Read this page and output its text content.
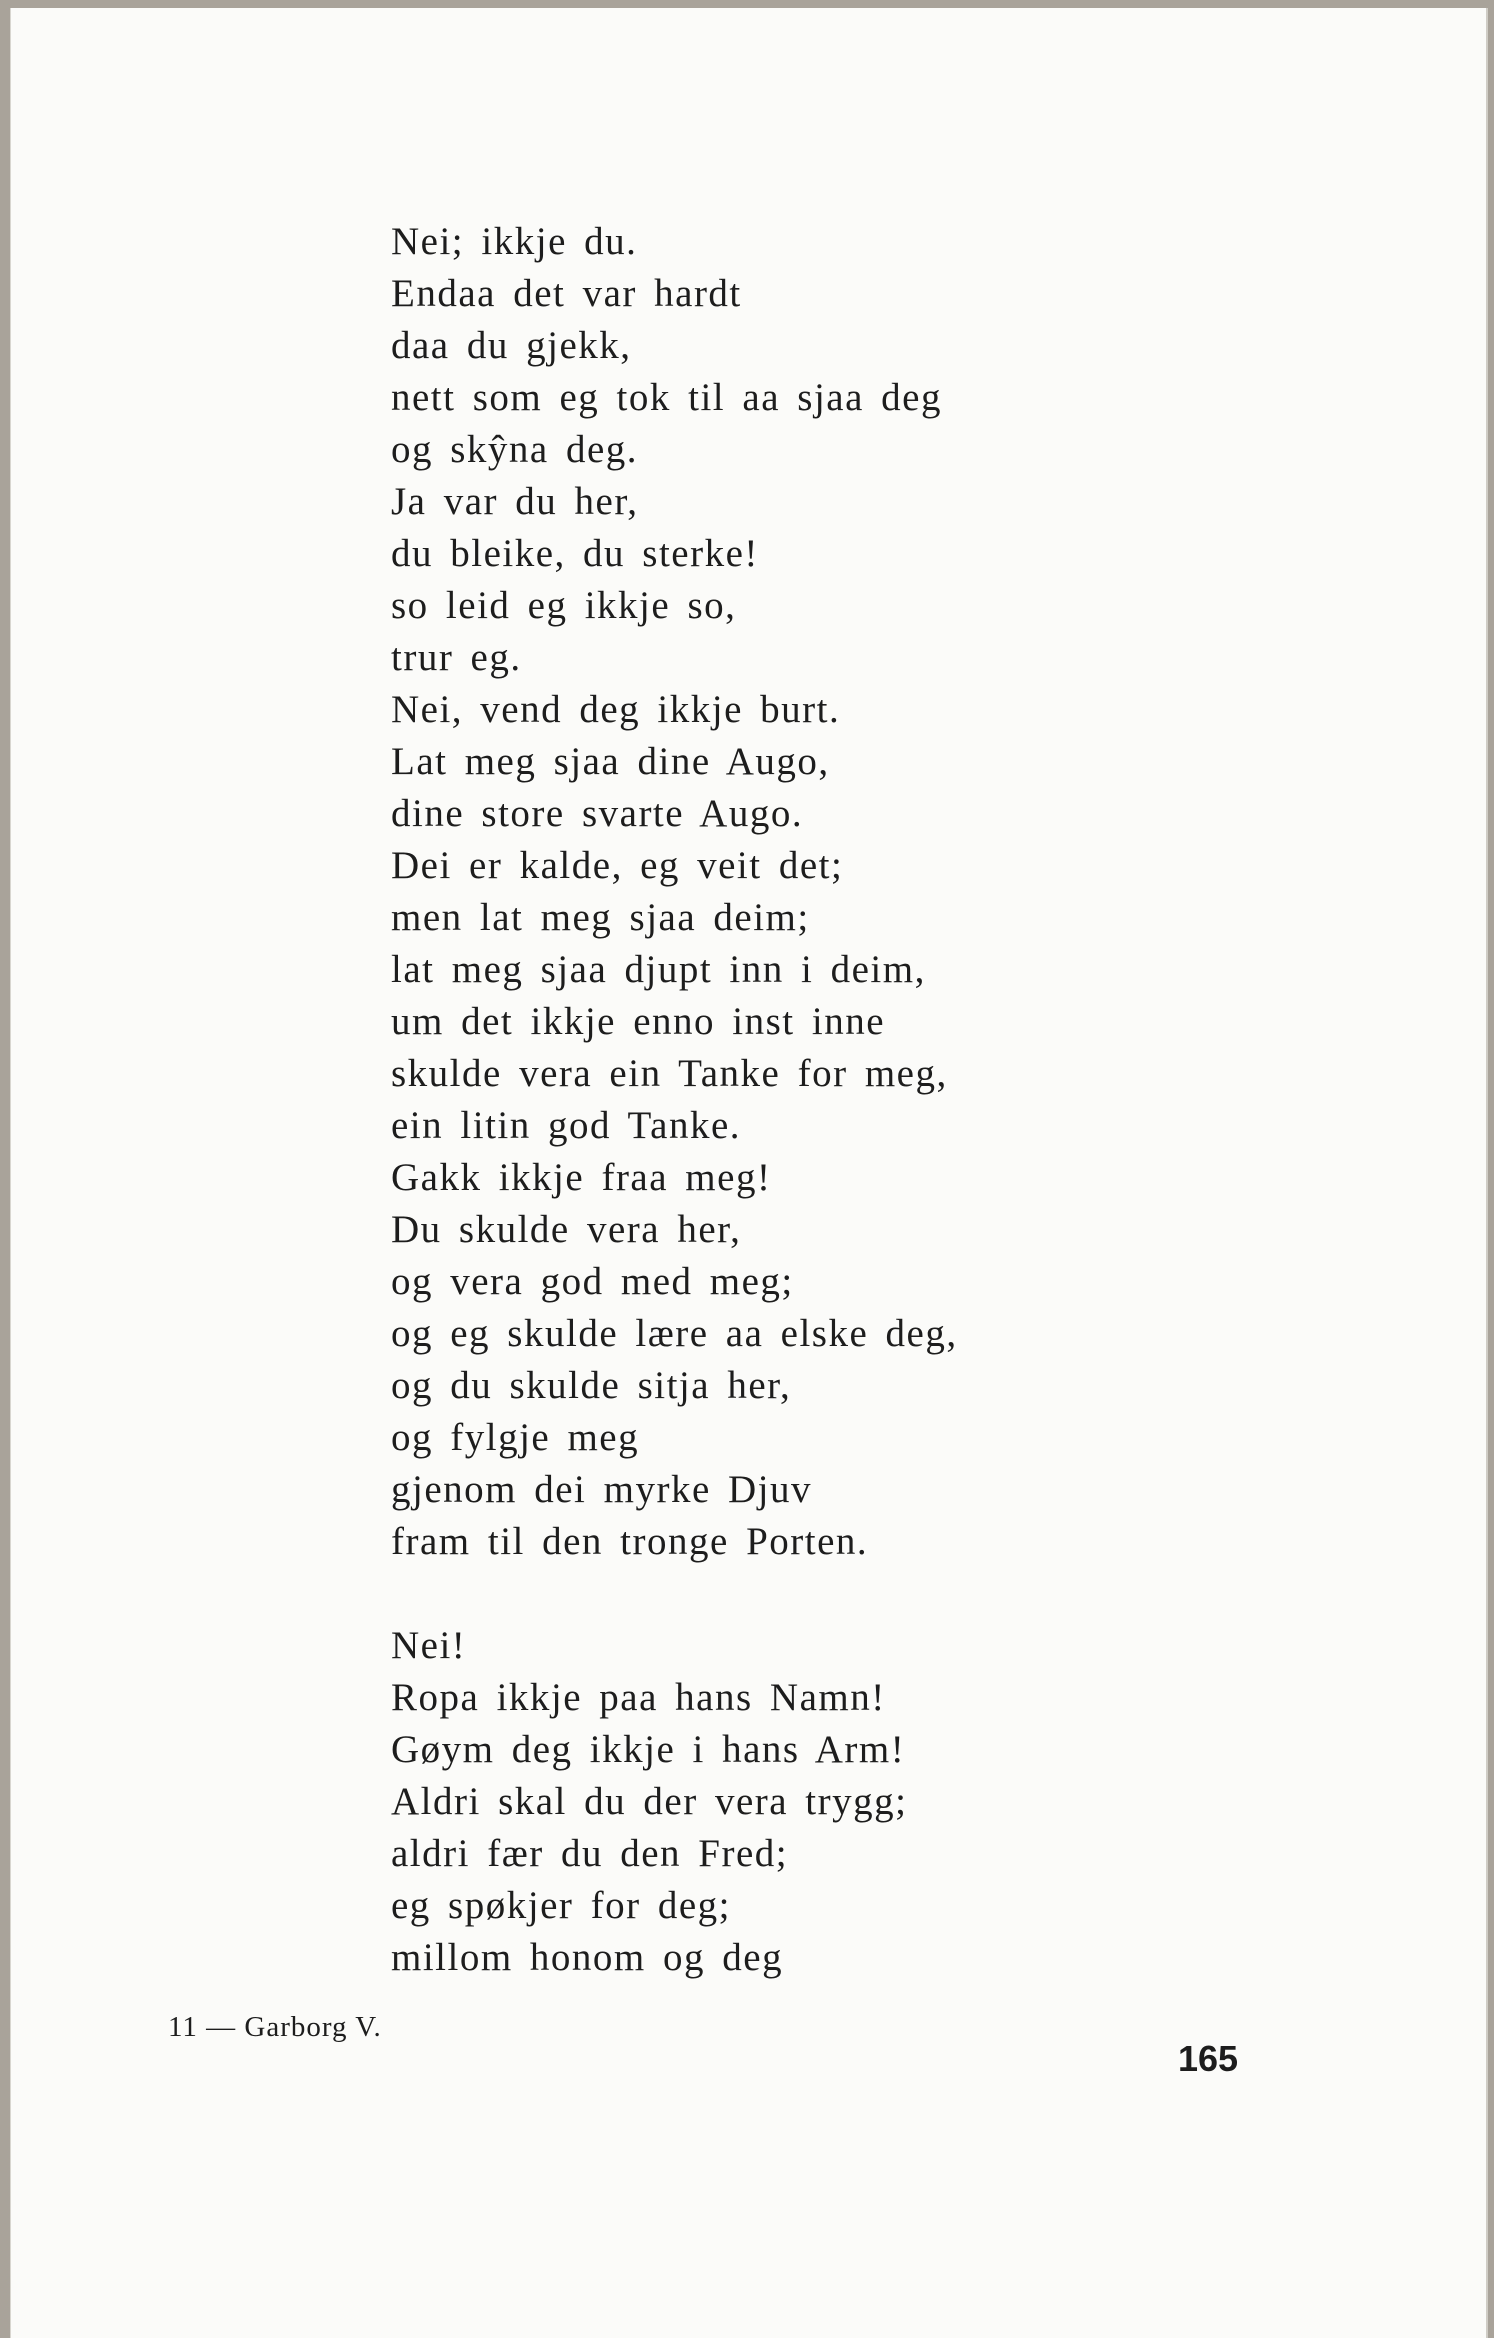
Nei; ikkje du.
Endaa det var hardt
daa du gjekk,
nett som eg tok til aa sjaa deg
og skŷna deg.
Ja var du her,
du bleike, du sterke!
so leid eg ikkje so,
trur eg.
Nei, vend deg ikkje burt.
Lat meg sjaa dine Augo,
dine store svarte Augo.
Dei er kalde, eg veit det;
men lat meg sjaa deim;
lat meg sjaa djupt inn i deim,
um det ikkje enno inst inne
skulde vera ein Tanke for meg,
ein litin god Tanke.
Gakk ikkje fraa meg!
Du skulde vera her,
og vera god med meg;
og eg skulde lære aa elske deg,
og du skulde sitja her,
og fylgje meg
gjenom dei myrke Djuv
fram til den tronge Porten.
Nei!
Ropa ikkje paa hans Namn!
Gøym deg ikkje i hans Arm!
Aldri skal du der vera trygg;
aldri fær du den Fred;
eg spøkjer for deg;
millom honom og deg
11 — Garborg V.
165
